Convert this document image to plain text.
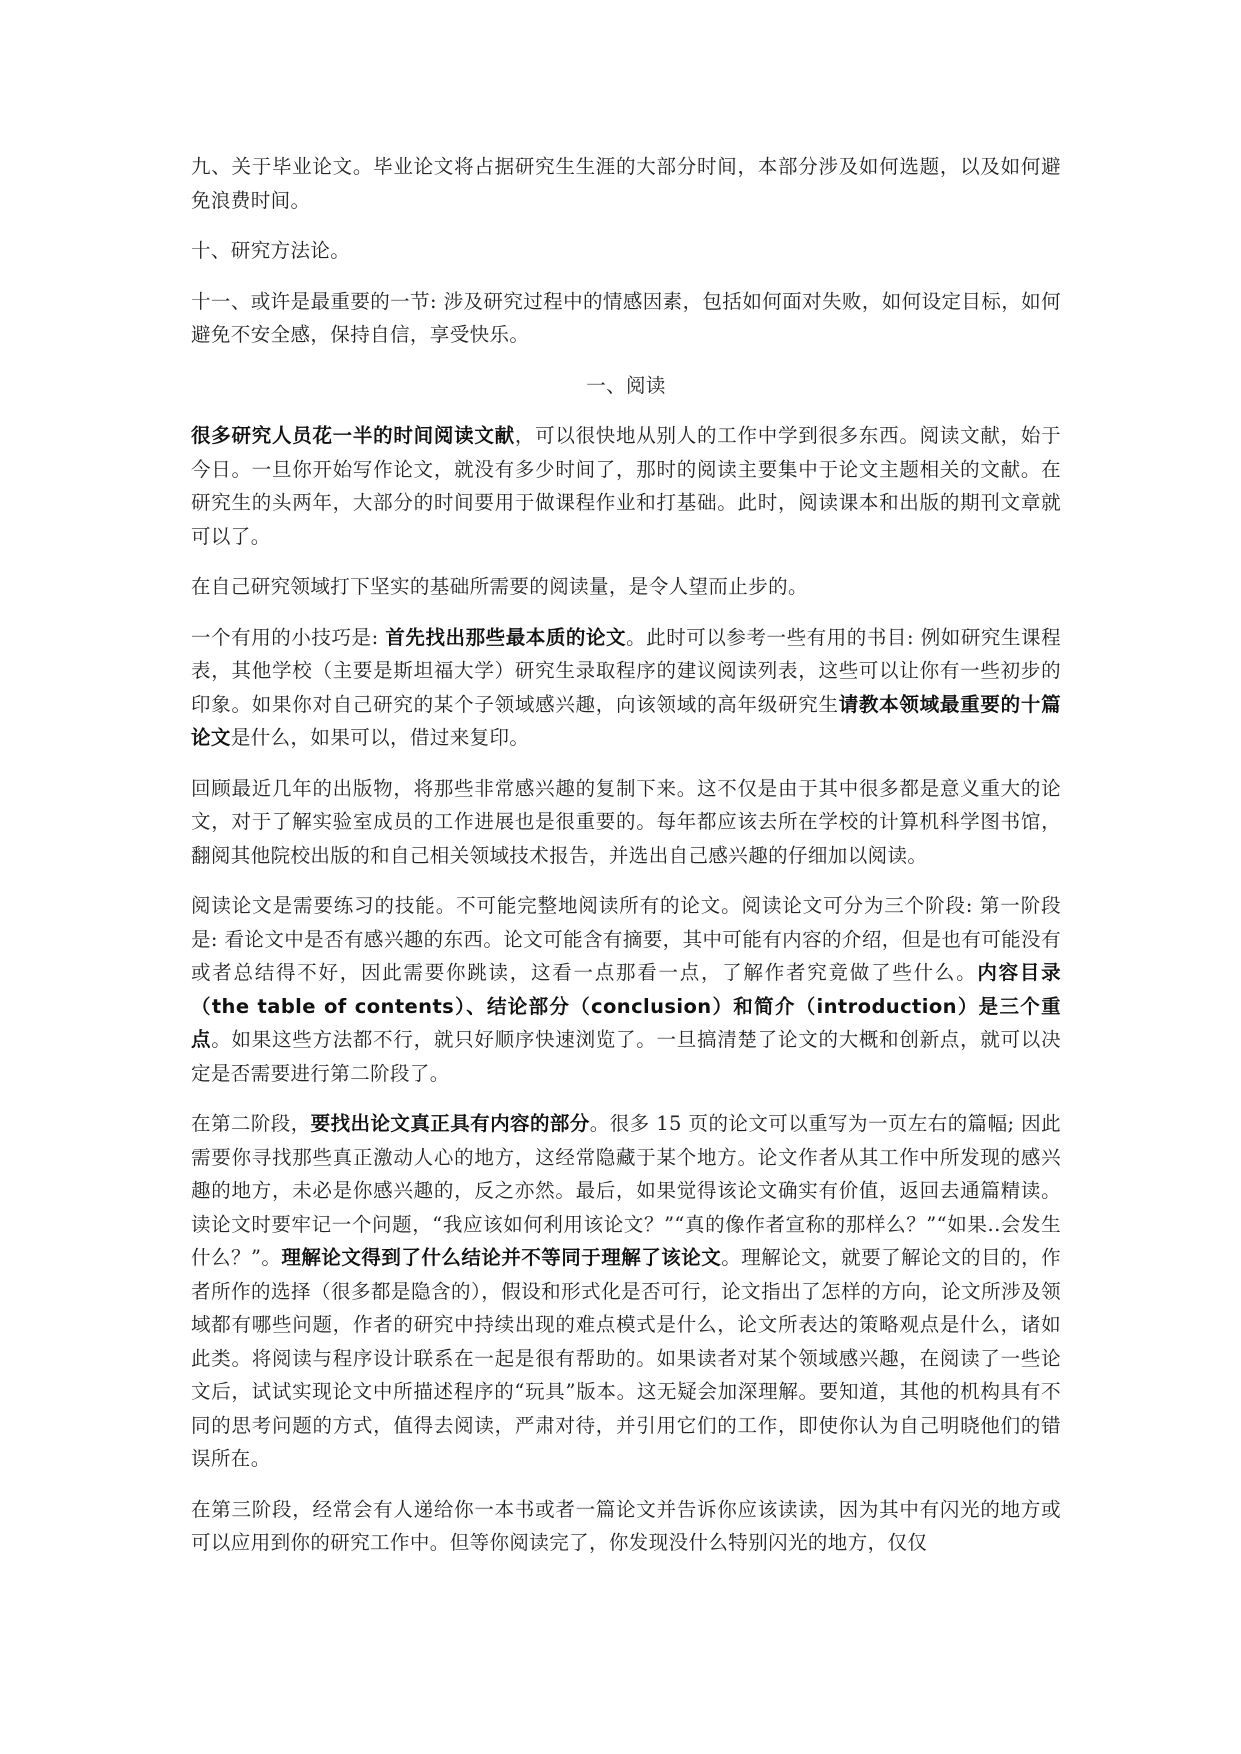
九、关于毕业论文。毕业论文将占据研究生生涯的大部分时间，本部分涉及如何选题，以及如何避免浪费时间。

十、研究方法论。

十一、或许是最重要的一节: 涉及研究过程中的情感因素，包括如何面对失败，如何设定目标，如何避免不安全感，保持自信，享受快乐。

一、阅读

很多研究人员花一半的时间阅读文献，可以很快地从别人的工作中学到很多东西。阅读文献，始于今日。一旦你开始写作论文，就没有多少时间了，那时的阅读主要集中于论文主题相关的文献。在研究生的头两年，大部分的时间要用于做课程作业和打基础。此时，阅读课本和出版的期刊文章就可以了。

在自己研究领域打下坚实的基础所需要的阅读量，是令人望而止步的。

一个有用的小技巧是: 首先找出那些最本质的论文。此时可以参考一些有用的书目: 例如研究生课程表，其他学校（主要是斯坦福大学）研究生录取程序的建议阅读列表，这些可以让你有一些初步的印象。如果你对自己研究的某个子领域感兴趣，向该领域的高年级研究生请教本领域最重要的十篇论文是什么，如果可以，借过来复印。

回顾最近几年的出版物，将那些非常感兴趣的复制下来。这不仅是由于其中很多都是意义重大的论文，对于了解实验室成员的工作进展也是很重要的。每年都应该去所在学校的计算机科学图书馆，翻阅其他院校出版的和自己相关领域技术报告，并选出自己感兴趣的仔细加以阅读。

阅读论文是需要练习的技能。不可能完整地阅读所有的论文。阅读论文可分为三个阶段: 第一阶段是: 看论文中是否有感兴趣的东西。论文可能含有摘要，其中可能有内容的介绍，但是也有可能没有或者总结得不好，因此需要你跳读，这看一点那看一点，了解作者究竟做了些什么。内容目录（the table of contents）、结论部分（conclusion）和简介（introduction）是三个重点。如果这些方法都不行，就只好顺序快速浏览了。一旦搞清楚了论文的大概和创新点，就可以决定是否需要进行第二阶段了。

在第二阶段，要找出论文真正具有内容的部分。很多 15 页的论文可以重写为一页左右的篇幅; 因此需要你寻找那些真正激动人心的地方，这经常隐藏于某个地方。论文作者从其工作中所发现的感兴趣的地方，未必是你感兴趣的，反之亦然。最后，如果觉得该论文确实有价值，返回去通篇精读。读论文时要牢记一个问题，“我应该如何利用该论文？”“真的像作者宣称的那样么？”“如果..会发生什么？”。理解论文得到了什么结论并不等同于理解了该论文。理解论文，就要了解论文的目的，作者所作的选择（很多都是隐含的），假设和形式化是否可行，论文指出了怎样的方向，论文所涉及领域都有哪些问题，作者的研究中持续出现的难点模式是什么，论文所表达的策略观点是什么，诸如此类。将阅读与程序设计联系在一起是很有帮助的。如果读者对某个领域感兴趣，在阅读了一些论文后，试试实现论文中所描述程序的“玩具”版本。这无疑会加深理解。要知道，其他的机构具有不同的思考问题的方式，值得去阅读，严肃对待，并引用它们的工作，即使你认为自己明晓他们的错误所在。

在第三阶段，经常会有人递给你一本书或者一篇论文并告诉你应该读读，因为其中有闪光的地方或可以应用到你的研究工作中。但等你阅读完了，你发现没什么特别闪光的地方，仅仅
